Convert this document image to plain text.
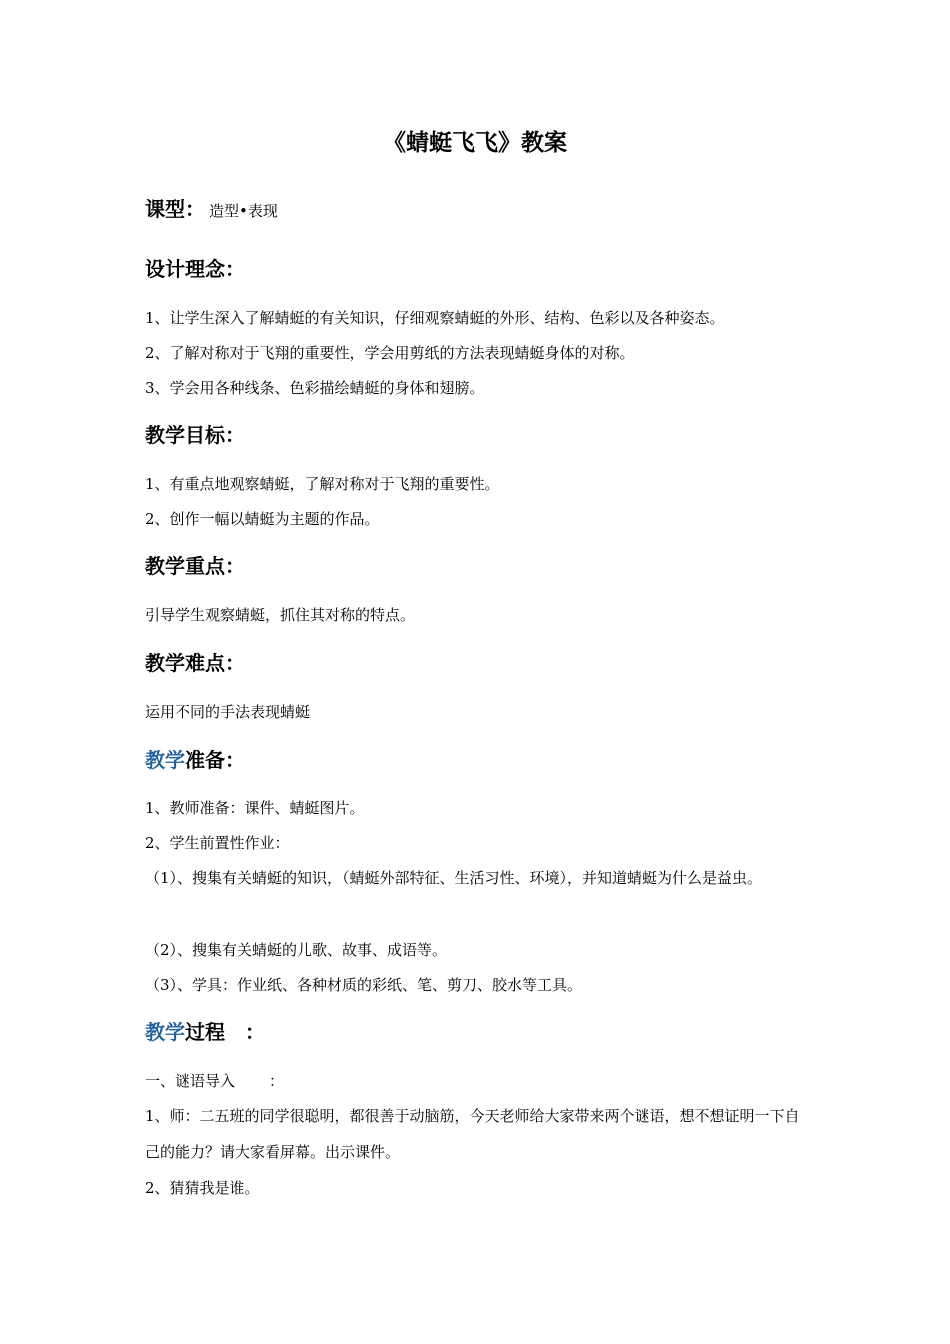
《蜻蜓飞飞》教案
课型： 造型•表现
设计理念：

1、让学生深入了解蜻蜓的有关知识，仔细观察蜻蜓的外形、结构、色彩以及各种姿态。

2、了解对称对于飞翔的重要性，学会用剪纸的方法表现蜻蜓身体的对称。

3、学会用各种线条、色彩描绘蜻蜓的身体和翅膀。

教学目标：

1、有重点地观察蜻蜓，了解对称对于飞翔的重要性。

2、创作一幅以蜻蜓为主题的作品。

教学重点：

引导学生观察蜻蜓，抓住其对称的特点。

教学难点：

运用不同的手法表现蜻蜓

教学准备：

1、教师准备：课件、蜻蜓图片。

2、学生前置性作业：

（1）、搜集有关蜻蜓的知识，（蜻蜓外部特征、生活习性、环境），并知道蜻蜓为什么是益虫。

（2）、搜集有关蜻蜓的儿歌、故事、成语等。

（3）、学具：作业纸、各种材质的彩纸、笔、剪刀、胶水等工具。

教学过程 ：

一、谜语导入 ：

1、师：二五班的同学很聪明，都很善于动脑筋，今天老师给大家带来两个谜语，想不想证明一下自己的能力？请大家看屏幕。出示课件。

2、猜猜我是谁。
